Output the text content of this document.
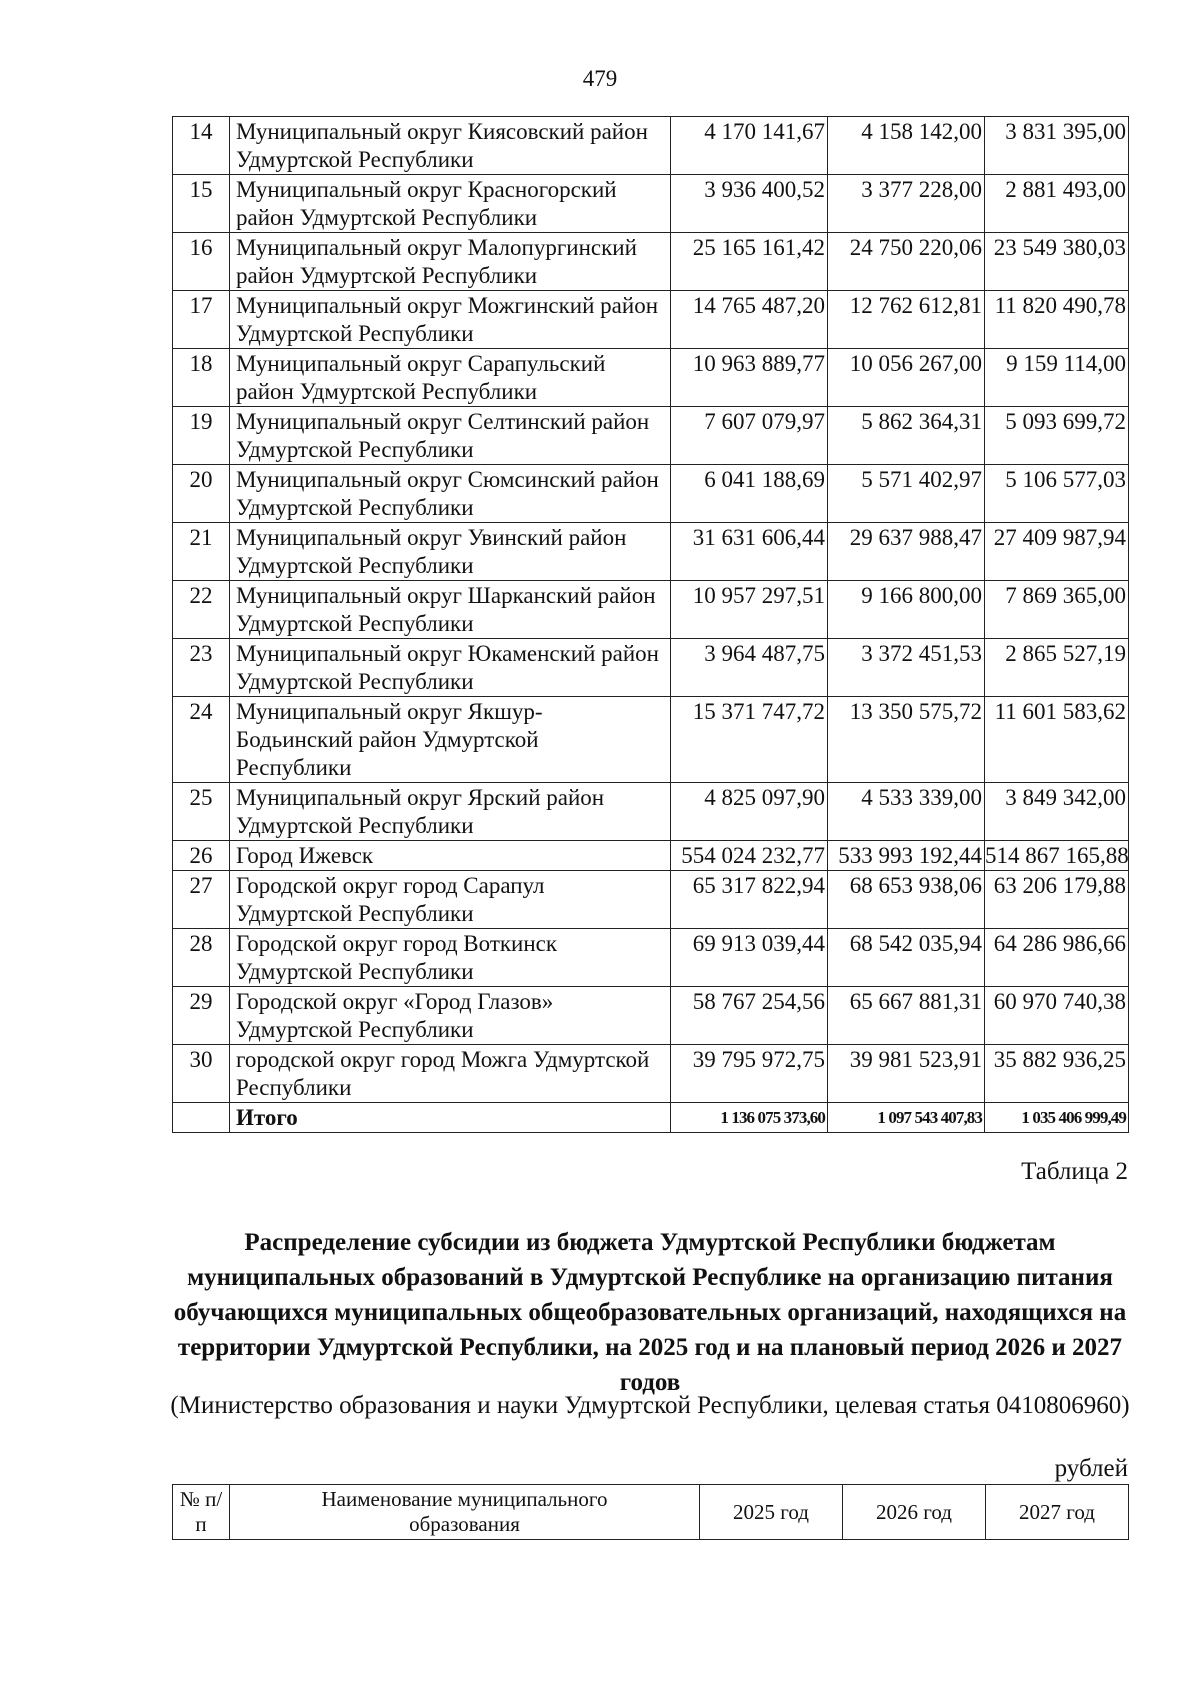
479
14	Муниципальный округ Киясовский район Удмуртской Республики	4 170 141,67	4 158 142,00	3 831 395,00
15	Муниципальный округ Красногорский район Удмуртской Республики	3 936 400,52	3 377 228,00	2 881 493,00
16	Муниципальный округ Малопургинский район Удмуртской Республики	25 165 161,42	24 750 220,06	23 549 380,03
17	Муниципальный округ Можгинский район Удмуртской Республики	14 765 487,20	12 762 612,81	11 820 490,78
18	Муниципальный округ Сарапульский район Удмуртской Республики	10 963 889,77	10 056 267,00	9 159 114,00
19	Муниципальный округ Селтинский район Удмуртской Республики	7 607 079,97	5 862 364,31	5 093 699,72
20	Муниципальный округ Сюмсинский район Удмуртской Республики	6 041 188,69	5 571 402,97	5 106 577,03
21	Муниципальный округ Увинский район Удмуртской Республики	31 631 606,44	29 637 988,47	27 409 987,94
22	Муниципальный округ Шарканский район Удмуртской Республики	10 957 297,51	9 166 800,00	7 869 365,00
23	Муниципальный округ Юкаменский район Удмуртской Республики	3 964 487,75	3 372 451,53	2 865 527,19
24	Муниципальный округ Якшур-Бодьинский район Удмуртской Республики	15 371 747,72	13 350 575,72	11 601 583,62
25	Муниципальный округ Ярский район Удмуртской Республики	4 825 097,90	4 533 339,00	3 849 342,00
26	Город Ижевск	554 024 232,77	533 993 192,44	514 867 165,88
27	Городской округ город Сарапул Удмуртской Республики	65 317 822,94	68 653 938,06	63 206 179,88
28	Городской округ город Воткинск Удмуртской Республики	69 913 039,44	68 542 035,94	64 286 986,66
29	Городской округ «Город Глазов» Удмуртской Республики	58 767 254,56	65 667 881,31	60 970 740,38
30	городской округ город Можга Удмуртской Республики	39 795 972,75	39 981 523,91	35 882 936,25
	Итого	1 136 075 373,60	1 097 543 407,83	1 035 406 999,49
Таблица 2
Распределение субсидии из бюджета Удмуртской Республики бюджетам муниципальных образований в Удмуртской Республике на организацию питания обучающихся муниципальных общеобразовательных организаций, находящихся на территории Удмуртской Республики, на 2025 год и на плановый период 2026 и 2027 годов
(Министерство образования и науки Удмуртской Республики, целевая статья 0410806960)
рублей
№ п/п	Наименование муниципального образования	2025 год	2026 год	2027 год
